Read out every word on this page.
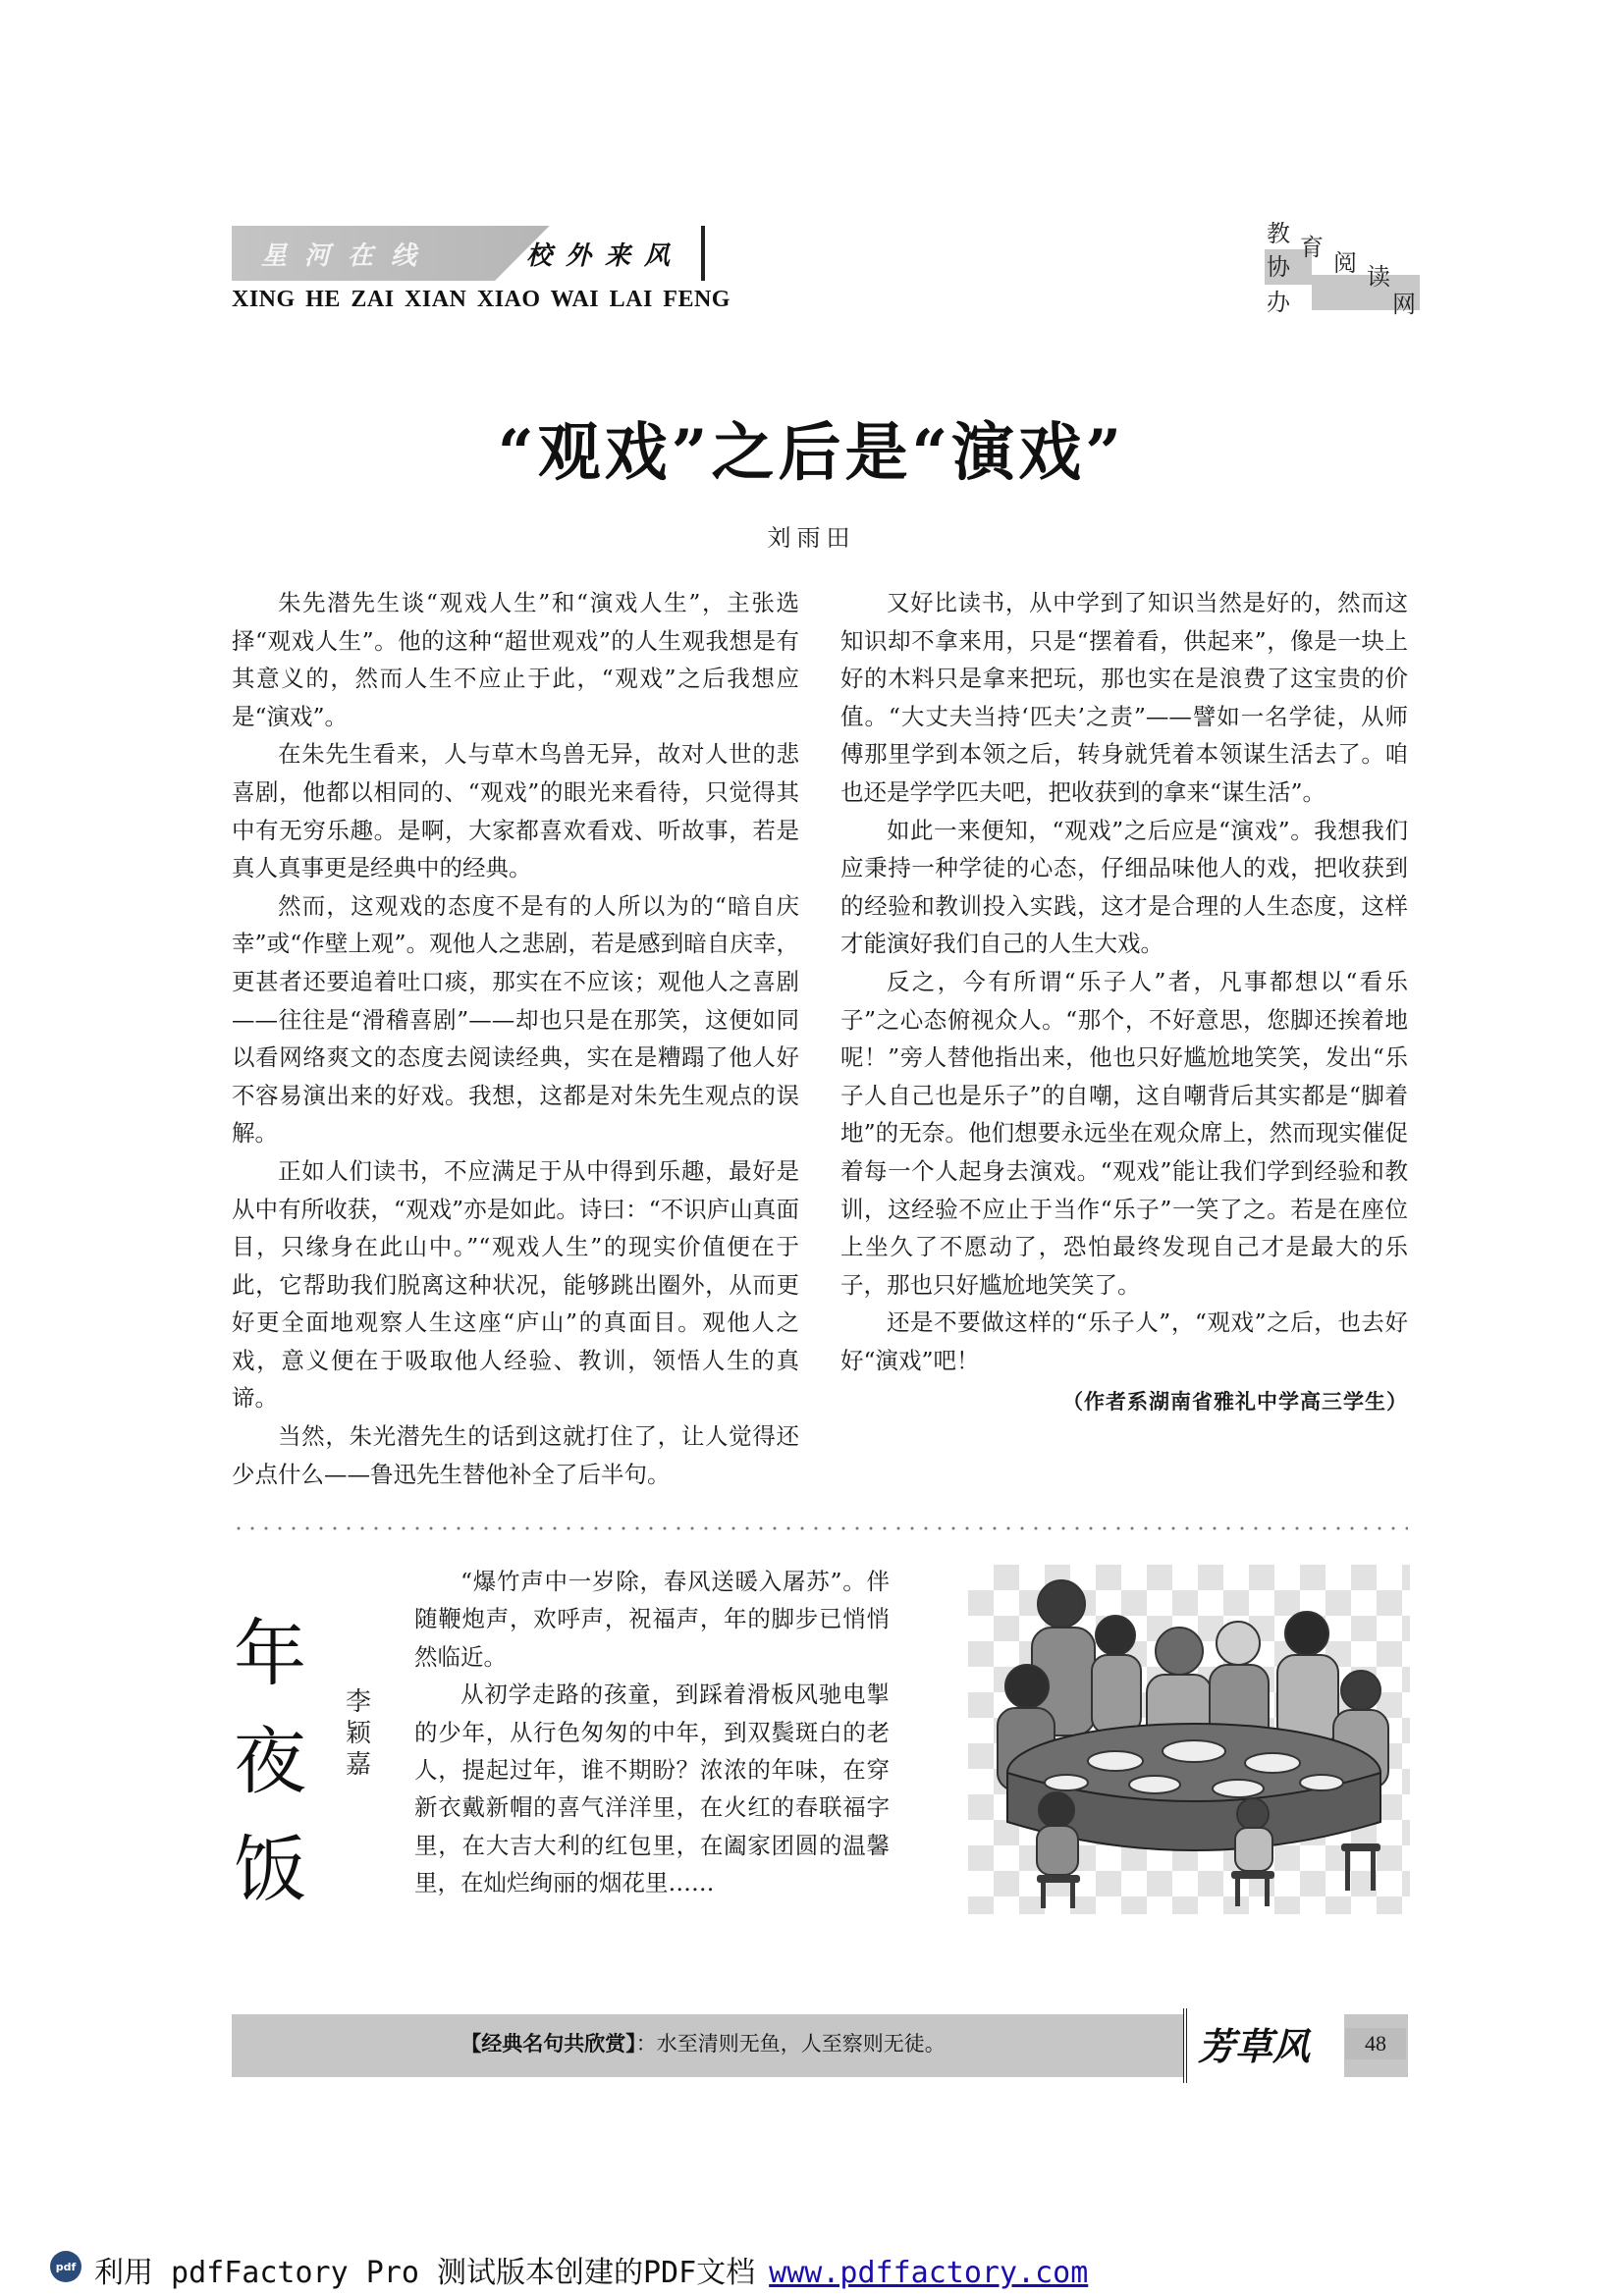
星河在线	校外来风
XING HE ZAI XIAN XIAO WAI LAI FENG
教 育
协 阅 读
办	网
“观戏”之后是“演戏”
刘雨田

朱先潜先生谈“观戏人生”和“演戏人生”，主张选择“观戏人生”。他的这种“超世观戏”的人生观我想是有其意义的，然而人生不应止于此，“观戏”之后我想应是“演戏”。

在朱先生看来，人与草木鸟兽无异，故对人世的悲喜剧，他都以相同的、“观戏”的眼光来看待，只觉得其中有无穷乐趣。是啊，大家都喜欢看戏、听故事，若是真人真事更是经典中的经典。

然而，这观戏的态度不是有的人所以为的“暗自庆幸”或“作壁上观”。观他人之悲剧，若是感到暗自庆幸，更甚者还要追着吐口痰，那实在不应该；观他人之喜剧——往往是“滑稽喜剧”——却也只是在那笑，这便如同以看网络爽文的态度去阅读经典，实在是糟蹋了他人好不容易演出来的好戏。我想，这都是对朱先生观点的误解。

正如人们读书，不应满足于从中得到乐趣，最好是从中有所收获，“观戏”亦是如此。诗曰：“不识庐山真面目，只缘身在此山中。”“观戏人生”的现实价值便在于此，它帮助我们脱离这种状况，能够跳出圈外，从而更好更全面地观察人生这座“庐山”的真面目。观他人之戏，意义便在于吸取他人经验、教训，领悟人生的真谛。

当然，朱光潜先生的话到这就打住了，让人觉得还少点什么——鲁迅先生替他补全了后半句。

又好比读书，从中学到了知识当然是好的，然而这知识却不拿来用，只是“摆着看，供起来”，像是一块上好的木料只是拿来把玩，那也实在是浪费了这宝贵的价值。“大丈夫当持‘匹夫’之责”——譬如一名学徒，从师傅那里学到本领之后，转身就凭着本领谋生活去了。咱也还是学学匹夫吧，把收获到的拿来“谋生活”。

如此一来便知，“观戏”之后应是“演戏”。我想我们应秉持一种学徒的心态，仔细品味他人的戏，把收获到的经验和教训投入实践，这才是合理的人生态度，这样才能演好我们自己的人生大戏。

反之，今有所谓“乐子人”者，凡事都想以“看乐子”之心态俯视众人。“那个，不好意思，您脚还挨着地呢！”旁人替他指出来，他也只好尴尬地笑笑，发出“乐子人自己也是乐子”的自嘲，这自嘲背后其实都是“脚着地”的无奈。他们想要永远坐在观众席上，然而现实催促着每一个人起身去演戏。“观戏”能让我们学到经验和教训，这经验不应止于当作“乐子”一笑了之。若是在座位上坐久了不愿动了，恐怕最终发现自己才是最大的乐子，那也只好尴尬地笑笑了。

还是不要做这样的“乐子人”，“观戏”之后，也去好好“演戏”吧！

（作者系湖南省雅礼中学高三学生）
年
夜
饭
李
颖
嘉

“爆竹声中一岁除，春风送暖入屠苏”。伴随鞭炮声，欢呼声，祝福声，年的脚步已悄悄然临近。

从初学走路的孩童，到踩着滑板风驰电掣的少年，从行色匆匆的中年，到双鬓斑白的老人，提起过年，谁不期盼？浓浓的年味，在穿新衣戴新帽的喜气洋洋里，在火红的春联福字里，在大吉大利的红包里，在阖家团圆的温馨里，在灿烂绚丽的烟花里……

【经典名句共欣赏】：水至清则无鱼，人至察则无徒。	芳草风	48
pdf 利用 pdfFactory Pro 测试版本创建的PDF文档 www.pdffactory.com
